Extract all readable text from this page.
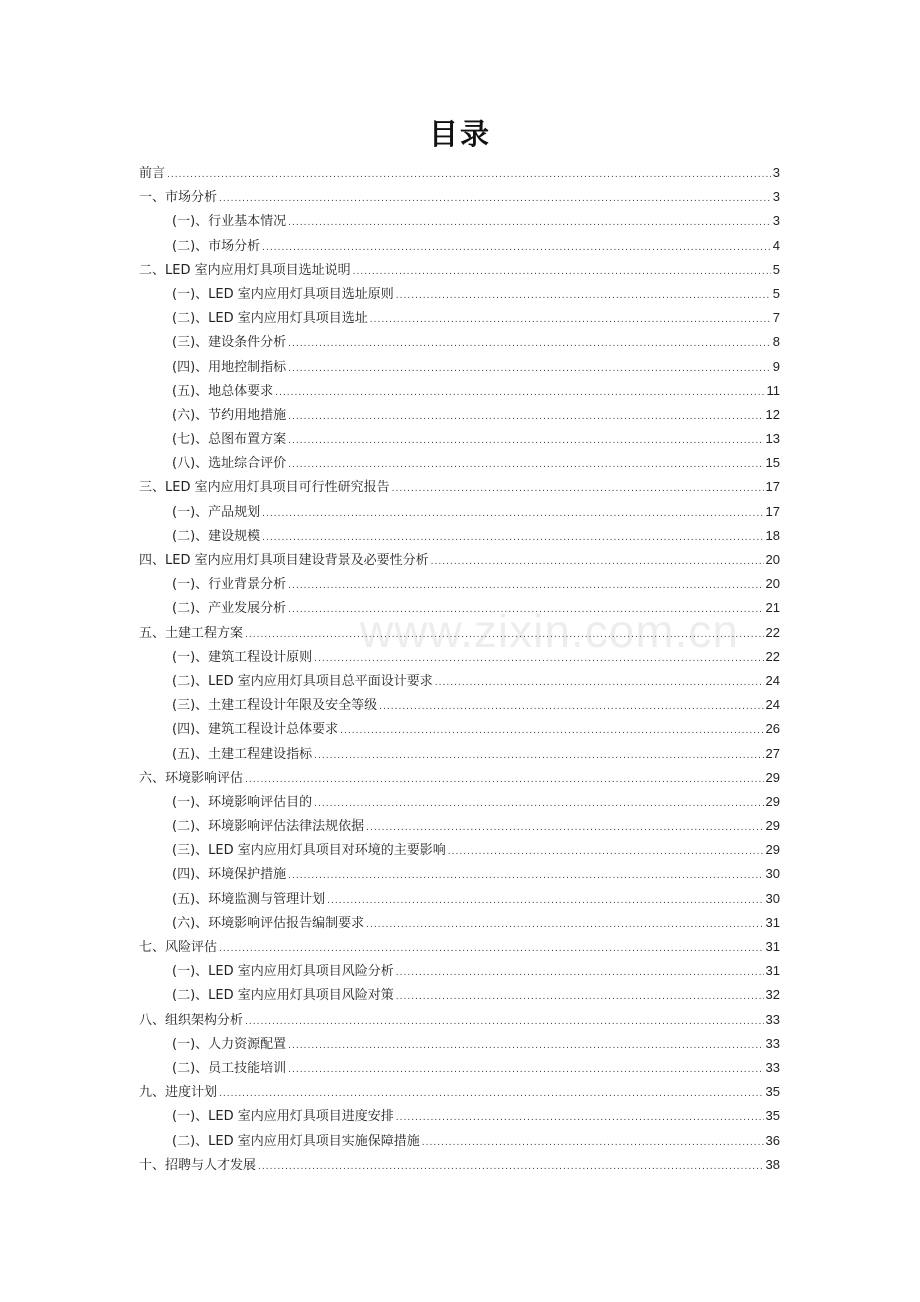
目录
www.zixin.com.cn
前言 .....	3
一、市场分析 .....	3
(一)、行业基本情况 .....	3
(二)、市场分析 .....	4
二、LED 室内应用灯具项目选址说明 .....	5
(一)、LED 室内应用灯具项目选址原则 .....	5
(二)、LED 室内应用灯具项目选址 .....	7
(三)、建设条件分析 .....	8
(四)、用地控制指标 .....	9
(五)、地总体要求 .....	11
(六)、节约用地措施 .....	12
(七)、总图布置方案 .....	13
(八)、选址综合评价 .....	15
三、LED 室内应用灯具项目可行性研究报告 .....	17
(一)、产品规划 .....	17
(二)、建设规模 .....	18
四、LED 室内应用灯具项目建设背景及必要性分析 .....	20
(一)、行业背景分析 .....	20
(二)、产业发展分析 .....	21
五、土建工程方案 .....	22
(一)、建筑工程设计原则 .....	22
(二)、LED 室内应用灯具项目总平面设计要求 .....	24
(三)、土建工程设计年限及安全等级 .....	24
(四)、建筑工程设计总体要求 .....	26
(五)、土建工程建设指标 .....	27
六、环境影响评估 .....	29
(一)、环境影响评估目的 .....	29
(二)、环境影响评估法律法规依据 .....	29
(三)、LED 室内应用灯具项目对环境的主要影响 .....	29
(四)、环境保护措施 .....	30
(五)、环境监测与管理计划 .....	30
(六)、环境影响评估报告编制要求 .....	31
七、风险评估 .....	31
(一)、LED 室内应用灯具项目风险分析 .....	31
(二)、LED 室内应用灯具项目风险对策 .....	32
八、组织架构分析 .....	33
(一)、人力资源配置 .....	33
(二)、员工技能培训 .....	33
九、进度计划 .....	35
(一)、LED 室内应用灯具项目进度安排 .....	35
(二)、LED 室内应用灯具项目实施保障措施 .....	36
十、招聘与人才发展 .....	38
